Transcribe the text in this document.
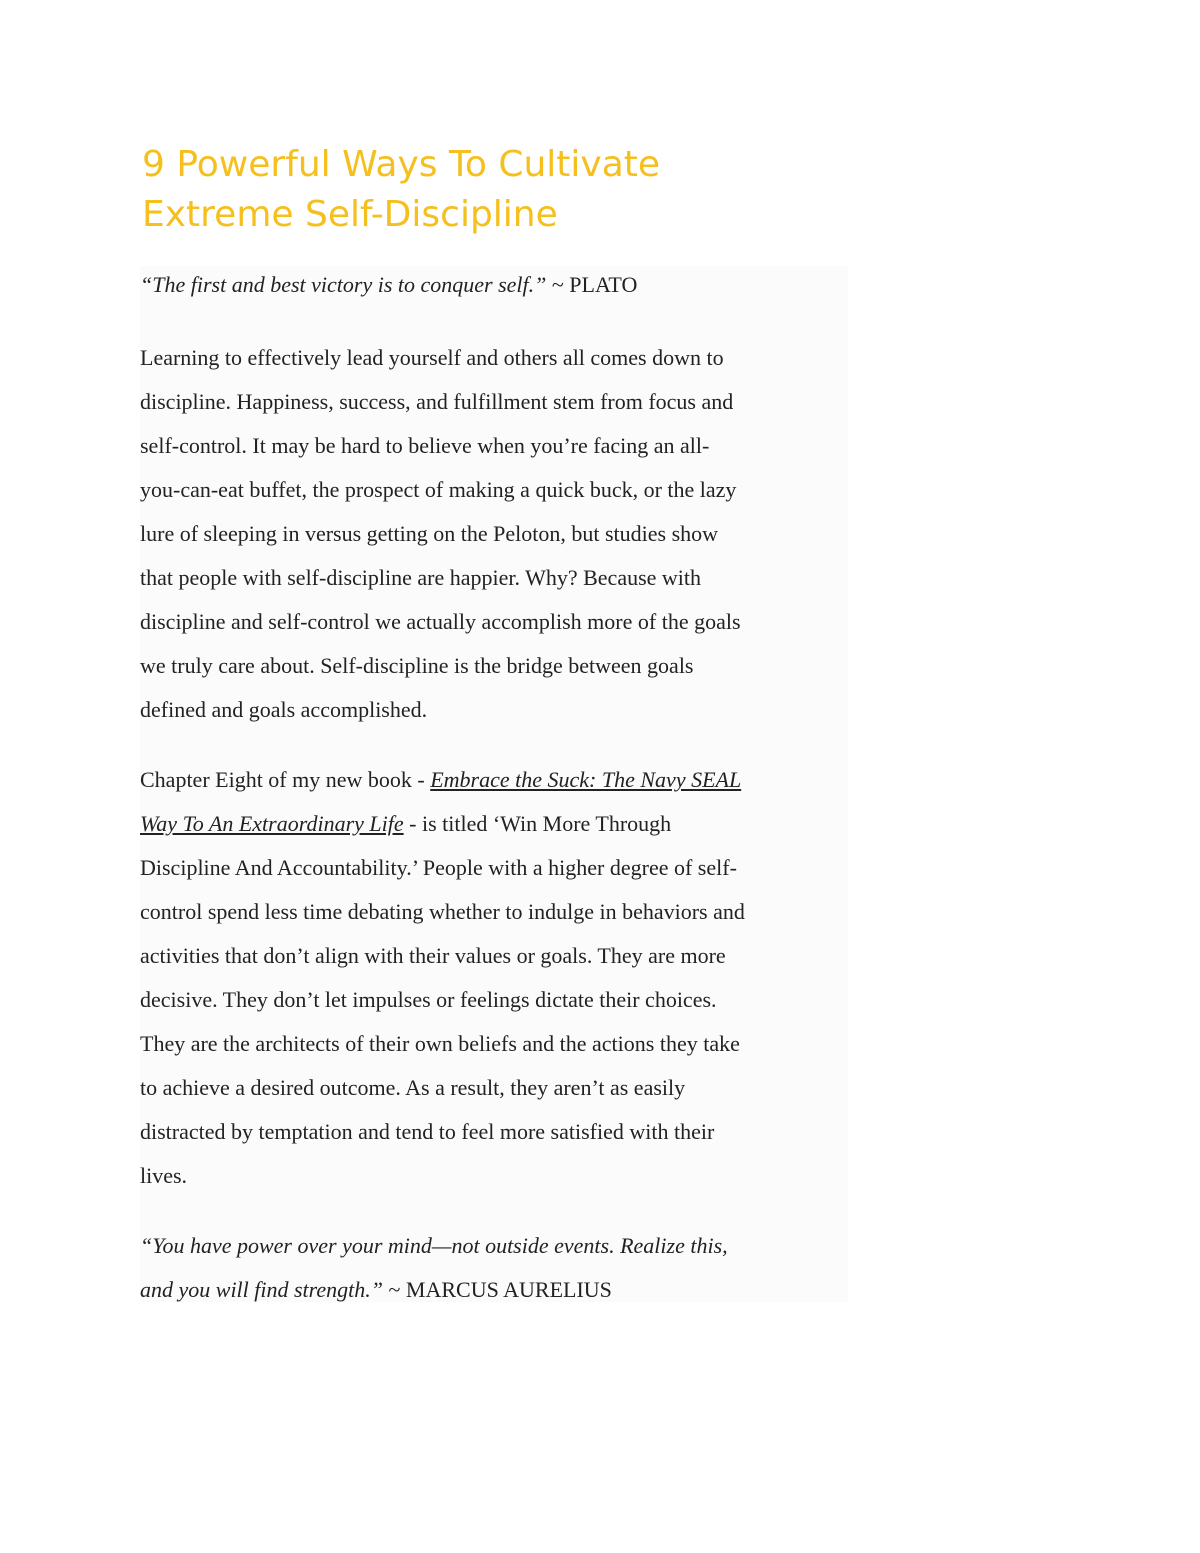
9 Powerful Ways To Cultivate
Extreme Self-Discipline

“The first and best victory is to conquer self.” ~ PLATO

Learning to effectively lead yourself and others all comes down to
discipline. Happiness, success, and fulfillment stem from focus and
self-control. It may be hard to believe when you’re facing an all-
you-can-eat buffet, the prospect of making a quick buck, or the lazy
lure of sleeping in versus getting on the Peloton, but studies show
that people with self-discipline are happier. Why? Because with
discipline and self-control we actually accomplish more of the goals
we truly care about. Self-discipline is the bridge between goals
defined and goals accomplished.

Chapter Eight of my new book - Embrace the Suck: The Navy SEAL
Way To An Extraordinary Life - is titled ‘Win More Through
Discipline And Accountability.’ People with a higher degree of self-
control spend less time debating whether to indulge in behaviors and
activities that don’t align with their values or goals. They are more
decisive. They don’t let impulses or feelings dictate their choices.
They are the architects of their own beliefs and the actions they take
to achieve a desired outcome. As a result, they aren’t as easily
distracted by temptation and tend to feel more satisfied with their
lives.

“You have power over your mind—not outside events. Realize this,
and you will find strength.” ~ MARCUS AURELIUS
